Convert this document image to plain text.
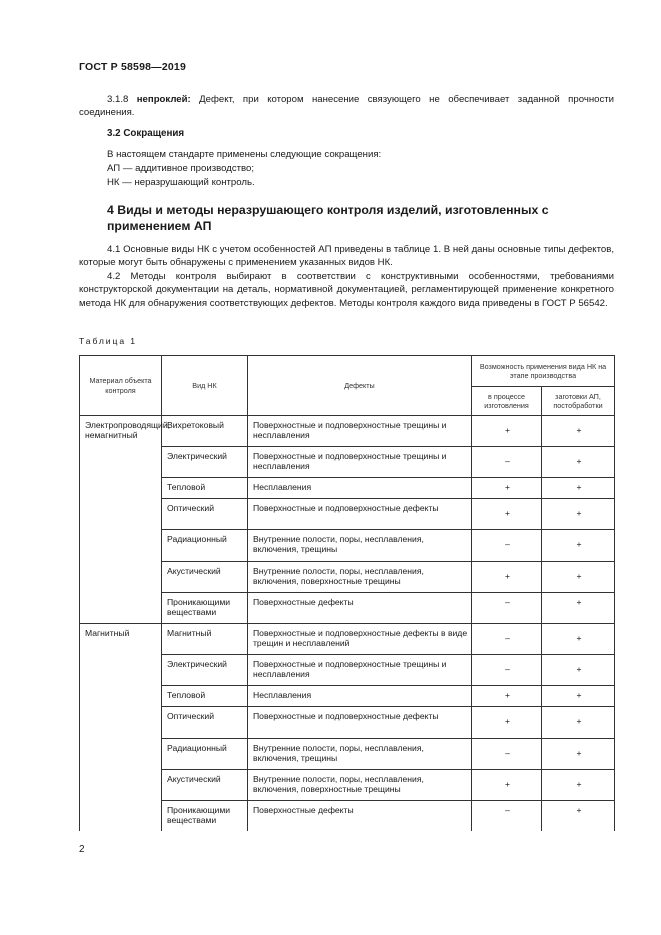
ГОСТ Р 58598—2019
3.1.8 непроклей: Дефект, при котором нанесение связующего не обеспечивает заданной прочности соединения.
3.2 Сокращения
В настоящем стандарте применены следующие сокращения:
АП — аддитивное производство;
НК — неразрушающий контроль.
4 Виды и методы неразрушающего контроля изделий, изготовленных с применением АП
4.1 Основные виды НК с учетом особенностей АП приведены в таблице 1. В ней даны основные типы дефектов, которые могут быть обнаружены с применением указанных видов НК.
4.2 Методы контроля выбирают в соответствии с конструктивными особенностями, требованиями конструкторской документации на деталь, нормативной документацией, регламентирующей применение конкретного метода НК для обнаружения соответствующих дефектов. Методы контроля каждого вида приведены в ГОСТ Р 56542.
Таблица 1
Материал объекта контроля	Вид НК	Дефекты	Возможность применения вида НК на этапе производства	
			в процессе изготовления	заготовки АП, постобработки
Электропроводящий, немагнитный	Вихретоковый	Поверхностные и подповерхностные трещины и несплавления	+	+
	Электрический	Поверхностные и подповерхностные трещины и несплавления	–	+
	Тепловой	Несплавления	+	+
	Оптический	Поверхностные и подповерхностные дефекты	+	+
	Радиационный	Внутренние полости, поры, несплавления, включения, трещины	–	+
	Акустический	Внутренние полости, поры, несплавления, включения, поверхностные трещины	+	+
	Проникающими веществами	Поверхностные дефекты	–	+
Магнитный	Магнитный	Поверхностные и подповерхностные дефекты в виде трещин и несплавлений	–	+
	Электрический	Поверхностные и подповерхностные трещины и несплавления	–	+
	Тепловой	Несплавления	+	+
	Оптический	Поверхностные и подповерхностные дефекты	+	+
	Радиационный	Внутренние полости, поры, несплавления, включения, трещины	–	+
	Акустический	Внутренние полости, поры, несплавления, включения, поверхностные трещины	+	+
	Проникающими веществами	Поверхностные дефекты	–	+
2
